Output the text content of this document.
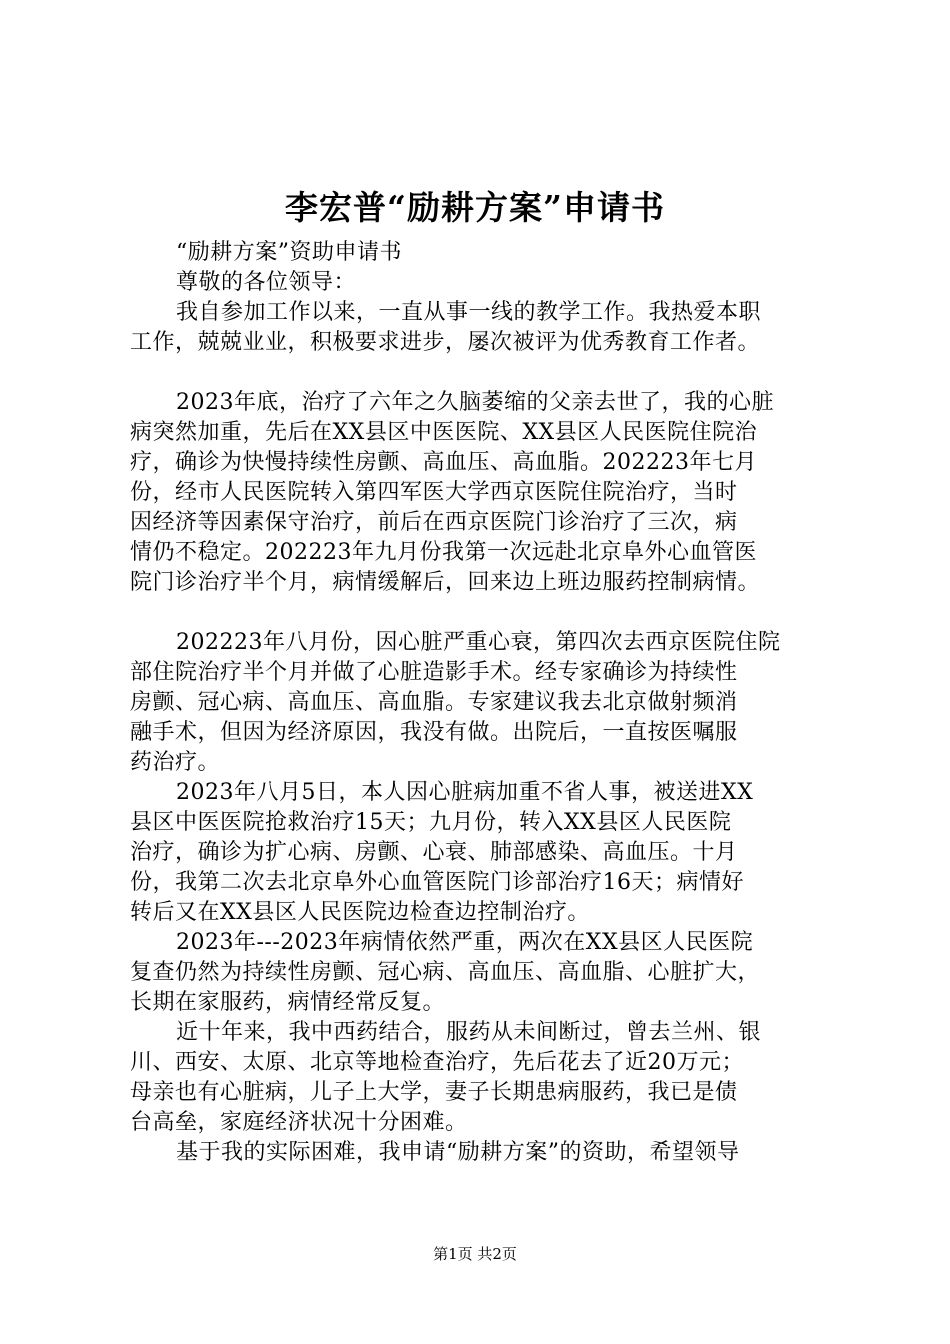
李宏普“励耕方案”申请书
“励耕方案”资助申请书
尊敬的各位领导：
我自参加工作以来，一直从事一线的教学工作。我热爱本职
工作，兢兢业业，积极要求进步，屡次被评为优秀教育工作者。
2023年底，治疗了六年之久脑萎缩的父亲去世了，我的心脏
病突然加重，先后在XX县区中医医院、XX县区人民医院住院治
疗，确诊为快慢持续性房颤、高血压、高血脂。202223年七月
份，经市人民医院转入第四军医大学西京医院住院治疗，当时
因经济等因素保守治疗，前后在西京医院门诊治疗了三次，病
情仍不稳定。202223年九月份我第一次远赴北京阜外心血管医
院门诊治疗半个月，病情缓解后，回来边上班边服药控制病情。
202223年八月份，因心脏严重心衰，第四次去西京医院住院
部住院治疗半个月并做了心脏造影手术。经专家确诊为持续性
房颤、冠心病、高血压、高血脂。专家建议我去北京做射频消
融手术，但因为经济原因，我没有做。出院后，一直按医嘱服
药治疗。
2023年八月5日，本人因心脏病加重不省人事，被送进XX
县区中医医院抢救治疗15天；九月份，转入XX县区人民医院
治疗，确诊为扩心病、房颤、心衰、肺部感染、高血压。十月
份，我第二次去北京阜外心血管医院门诊部治疗16天；病情好
转后又在XX县区人民医院边检查边控制治疗。
2023年---2023年病情依然严重，两次在XX县区人民医院
复查仍然为持续性房颤、冠心病、高血压、高血脂、心脏扩大，
长期在家服药，病情经常反复。
近十年来，我中西药结合，服药从未间断过，曾去兰州、银
川、西安、太原、北京等地检查治疗，先后花去了近20万元；
母亲也有心脏病，儿子上大学，妻子长期患病服药，我已是债
台高垒，家庭经济状况十分困难。
基于我的实际困难，我申请“励耕方案”的资助，希望领导
第1页 共2页
